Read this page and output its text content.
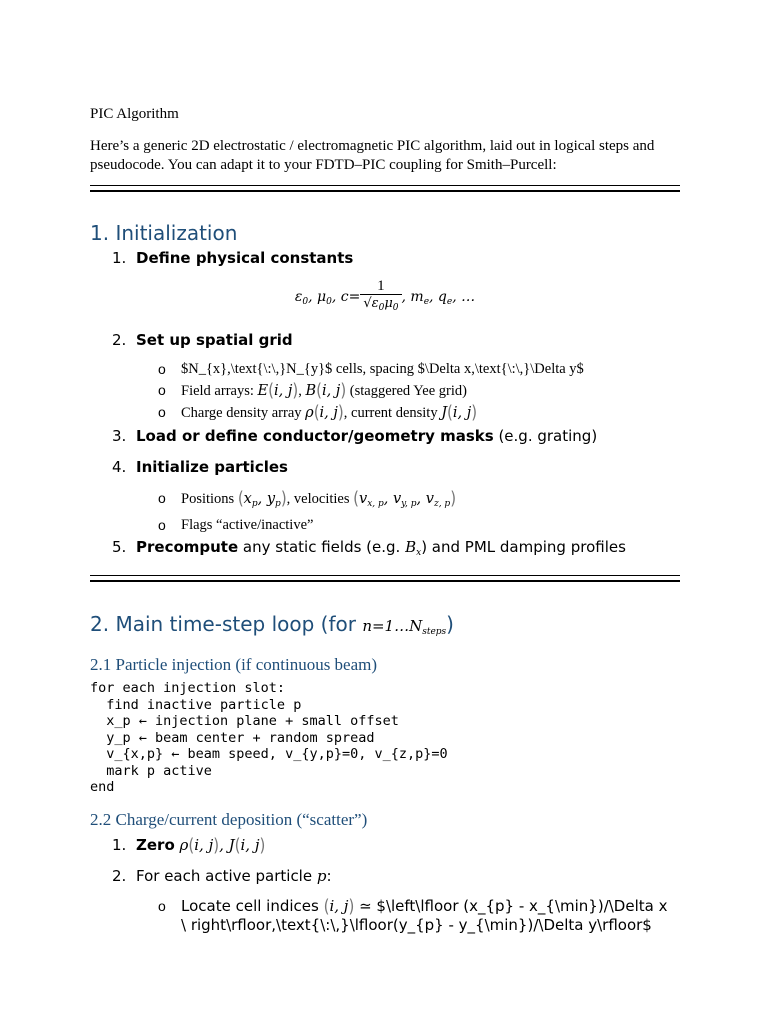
PIC Algorithm
Here’s a generic 2D electrostatic / electromagnetic PIC algorithm, laid out in logical steps and pseudocode. You can adapt it to your FDTD–PIC coupling for Smith–Purcell:
1. Initialization
1. Define physical constants
$\varepsilon_0$, $\mu_0$, $c= \frac{1}{√\varepsilon_0\mu_0}$ , $m_e$, $q_e$, …
2. Set up spatial grid
o $N_{x},\text{\:\,}N_{y}$ cells, spacing $\Delta x,\text{\:\,}\Delta y$
o Field arrays: E(i, j), B(i, j) (staggered Yee grid)
o Charge density array ρ(i, j), current density J(i, j)
3. Load or define conductor/geometry masks (e.g. grating)
4. Initialize particles
o Positions ($x_p$, $y_p$), velocities ($v_{x, p}$, $v_{y, p}$, $v_{z, p}$)
o Flags “active/inactive”
5. Precompute any static fields (e.g. $B_x$) and PML damping profiles
2. Main time-step loop (for $n=1\dots N_{steps}$)
2.1 Particle injection (if continuous beam)
for each injection slot:
find inactive particle p
x_p ← injection plane + small offset
y_p ← beam center + random spread
v_{x,p} ← beam speed, v_{y,p}=0, v_{z,p}=0
mark p active
end
2.2 Charge/current deposition (“scatter”)
1. Zero ρ(i, j), J(i, j)
2. For each active particle p:
o Locate cell indices (i, j) ≃ $\left\lfloor (x_{p} - x_{\min})/\Delta x \ right\rfloor,\text{\:\,}\lfloor(y_{p} - y_{\min})/\Delta y\rfloor$
